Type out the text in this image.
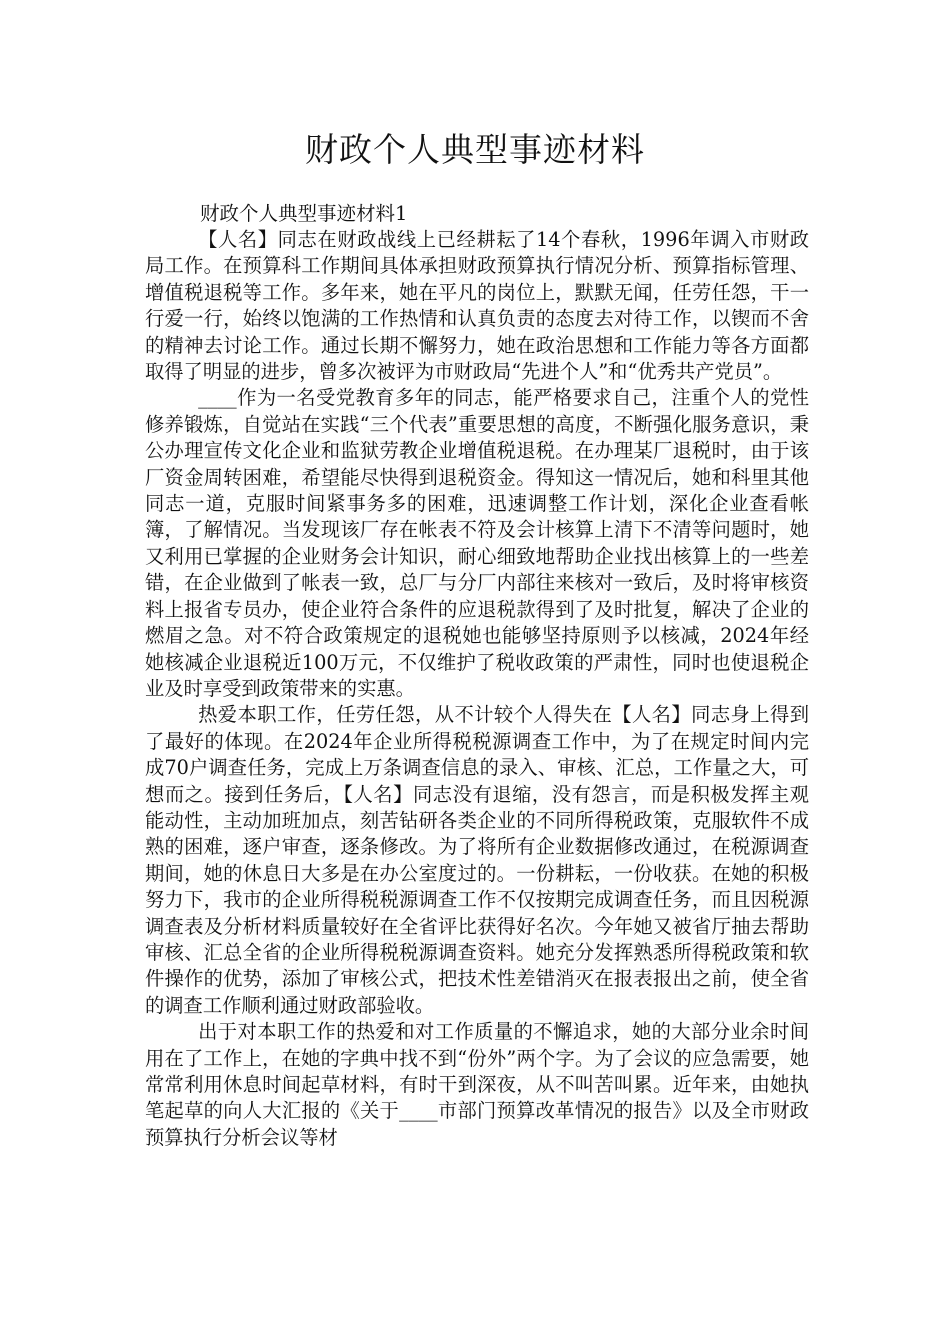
财政个人典型事迹材料
财政个人典型事迹材料1

【人名】同志在财政战线上已经耕耘了14个春秋，1996年调入市财政局工作。在预算科工作期间具体承担财政预算执行情况分析、预算指标管理、增值税退税等工作。多年来，她在平凡的岗位上，默默无闻，任劳任怨，干一行爱一行，始终以饱满的工作热情和认真负责的态度去对待工作，以锲而不舍的精神去讨论工作。通过长期不懈努力，她在政治思想和工作能力等各方面都取得了明显的进步，曾多次被评为市财政局“先进个人”和“优秀共产党员”。

____作为一名受党教育多年的同志，能严格要求自己，注重个人的党性修养锻炼，自觉站在实践“三个代表”重要思想的高度，不断强化服务意识，秉公办理宣传文化企业和监狱劳教企业增值税退税。在办理某厂退税时，由于该厂资金周转困难，希望能尽快得到退税资金。得知这一情况后，她和科里其他同志一道，克服时间紧事务多的困难，迅速调整工作计划，深化企业查看帐簿，了解情况。当发现该厂存在帐表不符及会计核算上清下不清等问题时，她又利用已掌握的企业财务会计知识，耐心细致地帮助企业找出核算上的一些差错，在企业做到了帐表一致，总厂与分厂内部往来核对一致后，及时将审核资料上报省专员办，使企业符合条件的应退税款得到了及时批复，解决了企业的燃眉之急。对不符合政策规定的退税她也能够坚持原则予以核减，2024年经她核减企业退税近100万元，不仅维护了税收政策的严肃性，同时也使退税企业及时享受到政策带来的实惠。

热爱本职工作，任劳任怨，从不计较个人得失在【人名】同志身上得到了最好的体现。在2024年企业所得税税源调查工作中，为了在规定时间内完成70户调查任务，完成上万条调查信息的录入、审核、汇总，工作量之大，可想而之。接到任务后，【人名】同志没有退缩，没有怨言，而是积极发挥主观能动性，主动加班加点，刻苦钻研各类企业的不同所得税政策，克服软件不成熟的困难，逐户审查，逐条修改。为了将所有企业数据修改通过，在税源调查期间，她的休息日大多是在办公室度过的。一份耕耘，一份收获。在她的积极努力下，我市的企业所得税税源调查工作不仅按期完成调查任务，而且因税源调查表及分析材料质量较好在全省评比获得好名次。今年她又被省厅抽去帮助审核、汇总全省的企业所得税税源调查资料。她充分发挥熟悉所得税政策和软件操作的优势，添加了审核公式，把技术性差错消灭在报表报出之前，使全省的调查工作顺利通过财政部验收。

出于对本职工作的热爱和对工作质量的不懈追求，她的大部分业余时间用在了工作上，在她的字典中找不到“份外”两个字。为了会议的应急需要，她常常利用休息时间起草材料，有时干到深夜，从不叫苦叫累。近年来，由她执笔起草的向人大汇报的《关于____市部门预算改革情况的报告》以及全市财政预算执行分析会议等材
